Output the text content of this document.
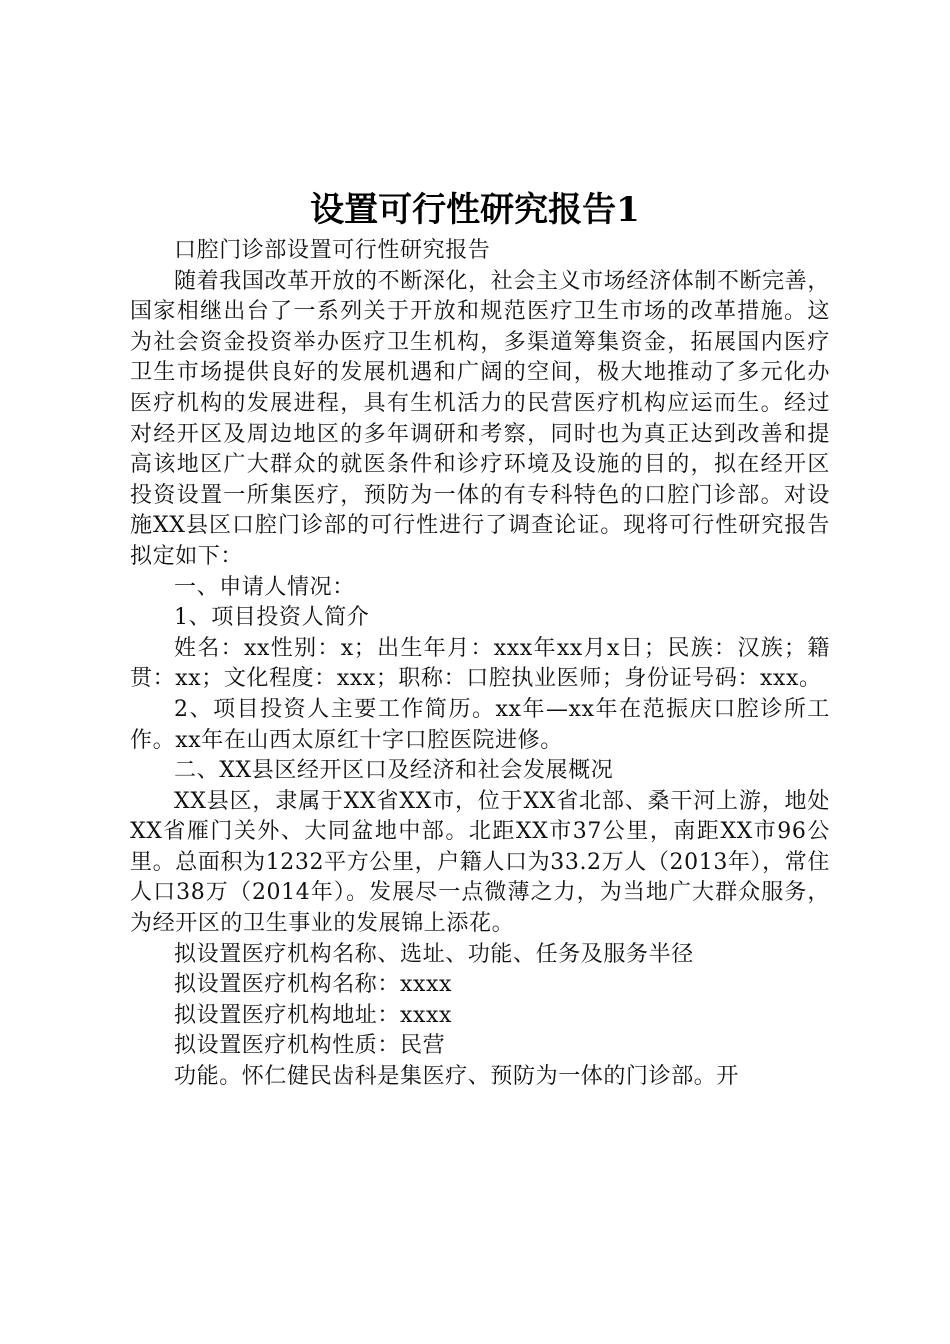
设置可行性研究报告1

口腔门诊部设置可行性研究报告

随着我国改革开放的不断深化，社会主义市场经济体制不断完善，国家相继出台了一系列关于开放和规范医疗卫生市场的改革措施。这为社会资金投资举办医疗卫生机构，多渠道筹集资金，拓展国内医疗卫生市场提供良好的发展机遇和广阔的空间，极大地推动了多元化办医疗机构的发展进程，具有生机活力的民营医疗机构应运而生。经过对经开区及周边地区的多年调研和考察，同时也为真正达到改善和提高该地区广大群众的就医条件和诊疗环境及设施的目的，拟在经开区投资设置一所集医疗，预防为一体的有专科特色的口腔门诊部。对设施XX县区口腔门诊部的可行性进行了调查论证。现将可行性研究报告拟定如下：

一、申请人情况：

1、项目投资人简介

姓名：xx性别：x；出生年月：xxx年xx月x日；民族：汉族；籍贯：xx；文化程度：xxx；职称：口腔执业医师；身份证号码：xxx。

2、项目投资人主要工作简历。xx年—xx年在范振庆口腔诊所工作。xx年在山西太原红十字口腔医院进修。

二、XX县区经开区口及经济和社会发展概况

XX县区，隶属于XX省XX市，位于XX省北部、桑干河上游，地处XX省雁门关外、大同盆地中部。北距XX市37公里，南距XX市96公里。总面积为1232平方公里，户籍人口为33.2万人（2013年），常住人口38万（2014年）。发展尽一点微薄之力，为当地广大群众服务，为经开区的卫生事业的发展锦上添花。

拟设置医疗机构名称、选址、功能、任务及服务半径

拟设置医疗机构名称：xxxx

拟设置医疗机构地址：xxxx

拟设置医疗机构性质：民营

功能。怀仁健民齿科是集医疗、预防为一体的门诊部。开
